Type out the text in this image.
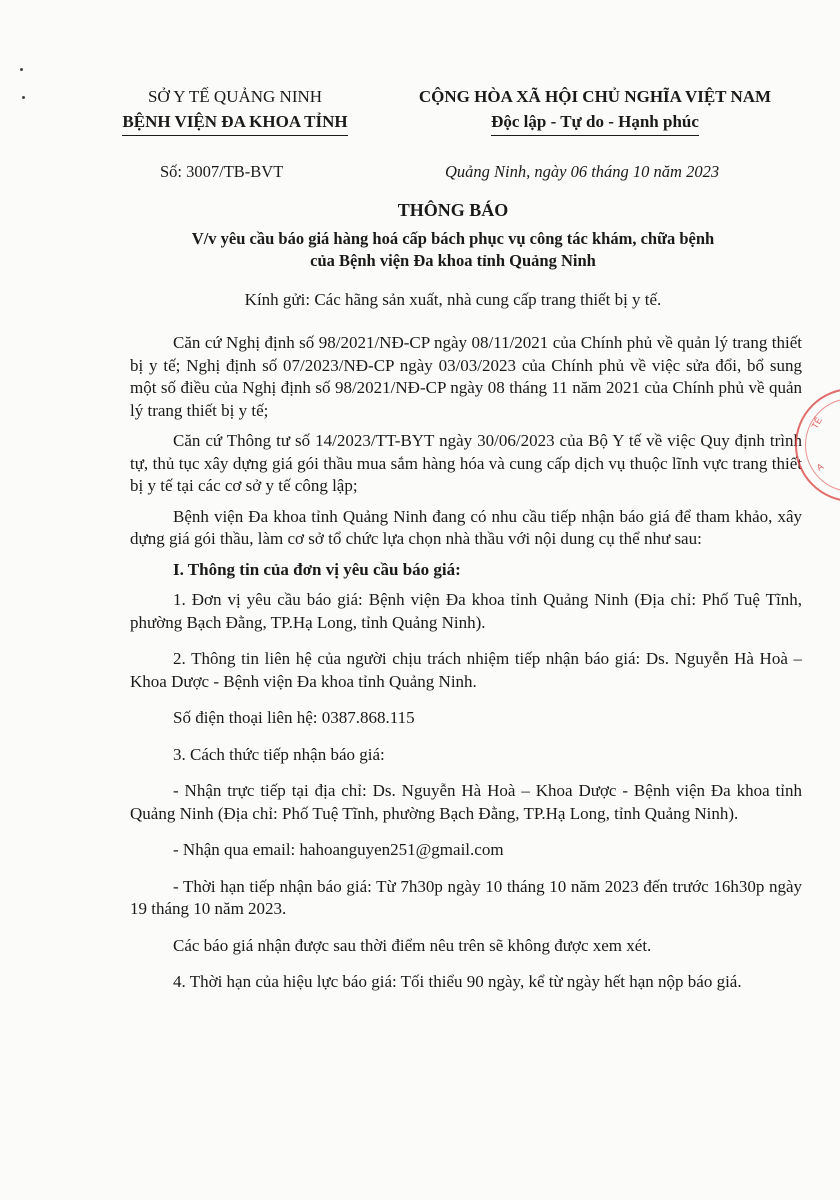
SỞ Y TẾ QUẢNG NINH
BỆNH VIỆN ĐA KHOA TỈNH
CỘNG HÒA XÃ HỘI CHỦ NGHĨA VIỆT NAM
Độc lập - Tự do - Hạnh phúc
Số: 3007/TB-BVT	Quảng Ninh, ngày 06 tháng 10 năm 2023
THÔNG BÁO
V/v yêu cầu báo giá hàng hoá cấp bách phục vụ công tác khám, chữa bệnh
của Bệnh viện Đa khoa tỉnh Quảng Ninh
Kính gửi: Các hãng sản xuất, nhà cung cấp trang thiết bị y tế.

Căn cứ Nghị định số 98/2021/NĐ-CP ngày 08/11/2021 của Chính phủ về quản lý trang thiết bị y tế; Nghị định số 07/2023/NĐ-CP ngày 03/03/2023 của Chính phủ về việc sửa đổi, bổ sung một số điều của Nghị định số 98/2021/NĐ-CP ngày 08 tháng 11 năm 2021 của Chính phủ về quản lý trang thiết bị y tế;

Căn cứ Thông tư số 14/2023/TT-BYT ngày 30/06/2023 của Bộ Y tế về việc Quy định trình tự, thủ tục xây dựng giá gói thầu mua sắm hàng hóa và cung cấp dịch vụ thuộc lĩnh vực trang thiết bị y tế tại các cơ sở y tế công lập;

Bệnh viện Đa khoa tỉnh Quảng Ninh đang có nhu cầu tiếp nhận báo giá để tham khảo, xây dựng giá gói thầu, làm cơ sở tổ chức lựa chọn nhà thầu với nội dung cụ thể như sau:

I. Thông tin của đơn vị yêu cầu báo giá:

1. Đơn vị yêu cầu báo giá: Bệnh viện Đa khoa tỉnh Quảng Ninh (Địa chỉ: Phố Tuệ Tĩnh, phường Bạch Đằng, TP.Hạ Long, tỉnh Quảng Ninh).

2. Thông tin liên hệ của người chịu trách nhiệm tiếp nhận báo giá: Ds. Nguyễn Hà Hoà – Khoa Dược - Bệnh viện Đa khoa tỉnh Quảng Ninh.

Số điện thoại liên hệ: 0387.868.115

3. Cách thức tiếp nhận báo giá:

- Nhận trực tiếp tại địa chỉ: Ds. Nguyễn Hà Hoà – Khoa Dược - Bệnh viện Đa khoa tỉnh Quảng Ninh (Địa chỉ: Phố Tuệ Tĩnh, phường Bạch Đằng, TP.Hạ Long, tỉnh Quảng Ninh).

- Nhận qua email: hahoanguyen251@gmail.com

- Thời hạn tiếp nhận báo giá: Từ 7h30p ngày 10 tháng 10 năm 2023 đến trước 16h30p ngày 19 tháng 10 năm 2023.

Các báo giá nhận được sau thời điểm nêu trên sẽ không được xem xét.

4. Thời hạn của hiệu lực báo giá: Tối thiểu 90 ngày, kể từ ngày hết hạn nộp báo giá.

TẾ
A
